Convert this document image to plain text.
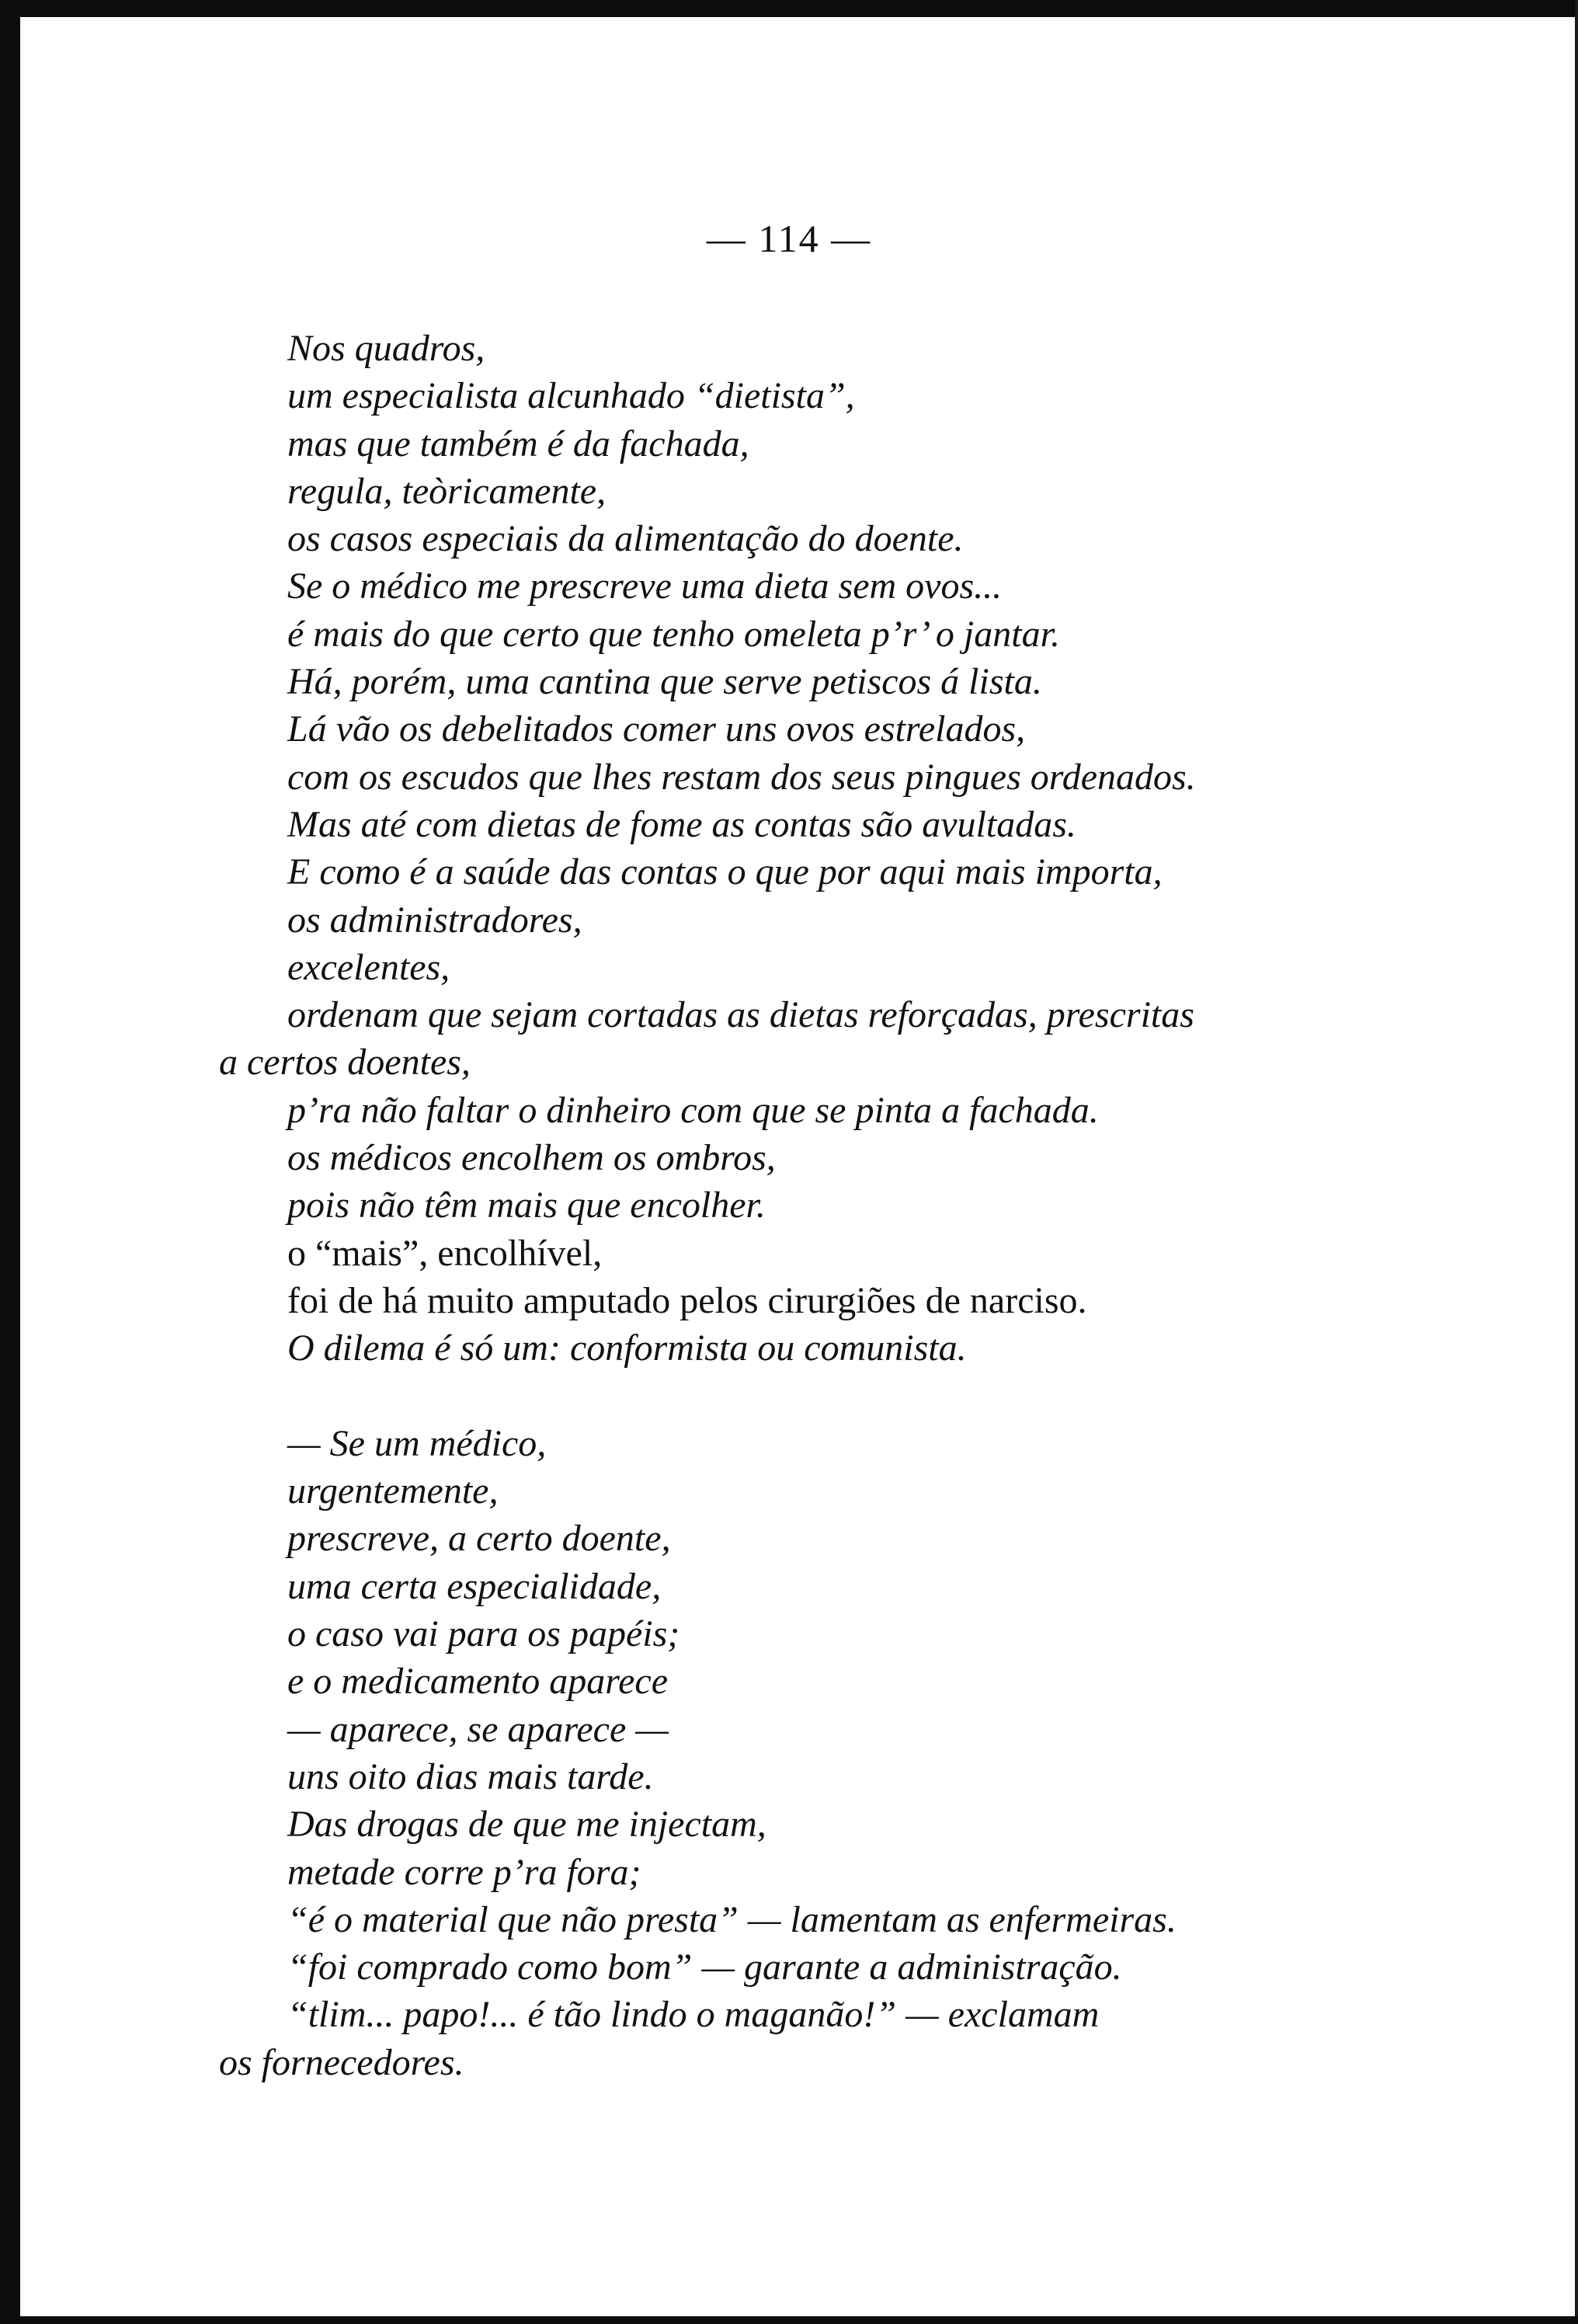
— 114 —
Nos quadros,
um especialista alcunhado “dietista”,
mas que também é da fachada,
regula, teòricamente,
os casos especiais da alimentação do doente.
Se o médico me prescreve uma dieta sem ovos...
é mais do que certo que tenho omeleta p’r’ o jantar.
Há, porém, uma cantina que serve petiscos á lista.
Lá vão os debelitados comer uns ovos estrelados,
com os escudos que lhes restam dos seus pingues ordenados.
Mas até com dietas de fome as contas são avultadas.
E como é a saúde das contas o que por aqui mais importa,
os administradores,
excelentes,
ordenam que sejam cortadas as dietas reforçadas, prescritas
a certos doentes,
p’ra não faltar o dinheiro com que se pinta a fachada.
os médicos encolhem os ombros,
pois não têm mais que encolher.
o “mais”, encolhível,
foi de há muito amputado pelos cirurgiões de narciso.
O dilema é só um: conformista ou comunista.
— Se um médico,
urgentemente,
prescreve, a certo doente,
uma certa especialidade,
o caso vai para os papéis;
e o medicamento aparece
— aparece, se aparece —
uns oito dias mais tarde.
Das drogas de que me injectam,
metade corre p’ra fora;
“é o material que não presta” — lamentam as enfermeiras.
“foi comprado como bom” — garante a administração.
“tlim... papo!... é tão lindo o maganão!” — exclamam
os fornecedores.
